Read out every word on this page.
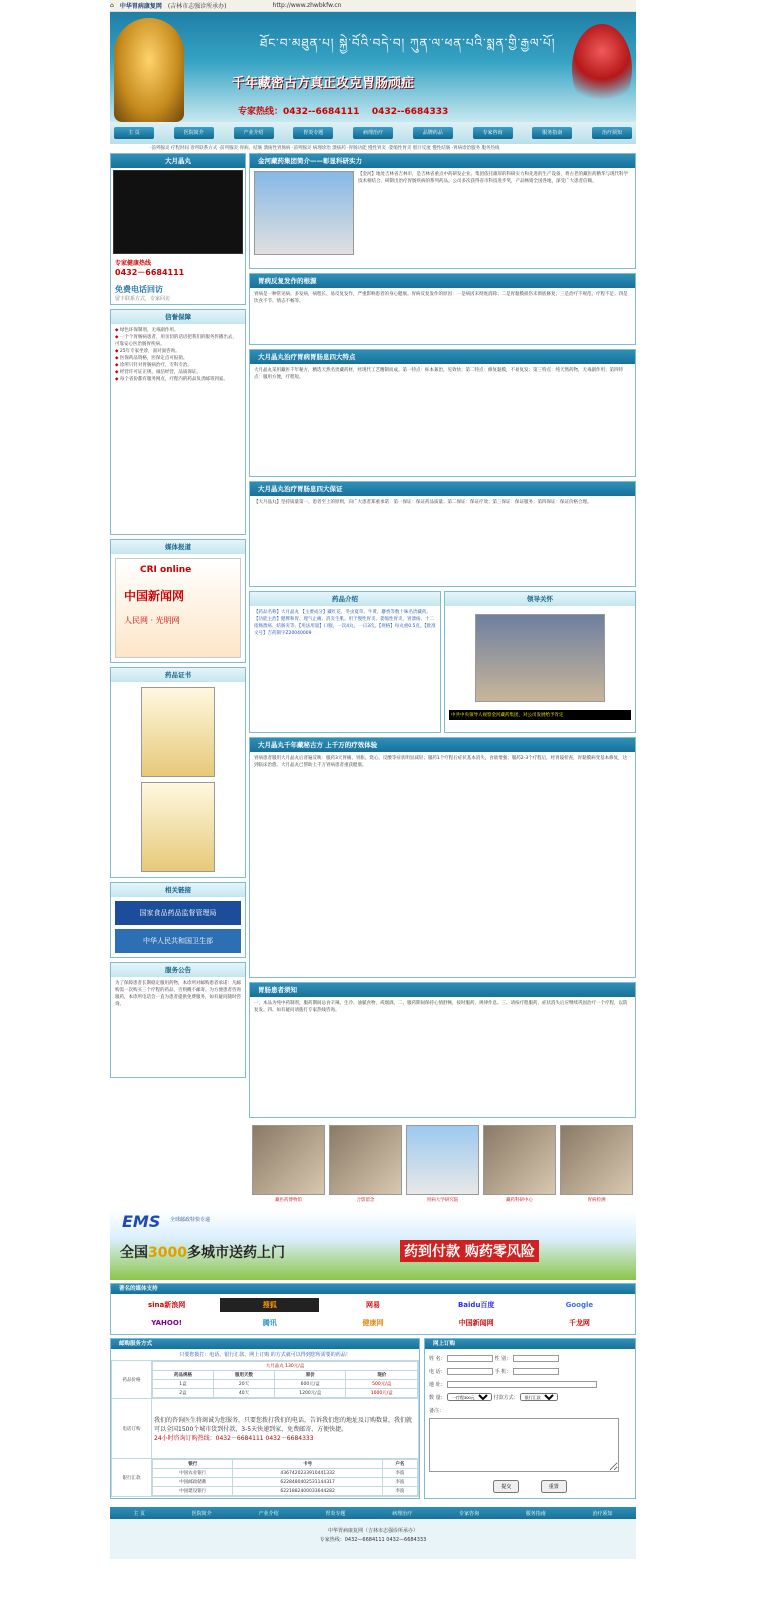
⌂ 中华胃病康复网 (吉林市志强诊所承办)	http://www.zhwbkfw.cn
ཐོང་བ་མཐུན་པ། སྐྱེ་བོའི་བདེ་བ། ཀུན་ལ་ཕན་པའི་སྨན་གྱི་རྒྱལ་པོ།
千年藏密古方真正攻克胃肠顽症
专家热线：0432--6684111 0432--6684333
主 页	医院简介	产业介绍	胃炎专题	病理治疗	品牌药品	专家咨询	服务指南	治疗须知
·前列腺炎 疗程时间 诊所联系方式 ·前列腺炎 胃病、结肠 溃疡性胃肠病 ·前列腺炎 病理诊治 溃疡药 ·胃肠功能 慢性胃炎 ·萎缩性胃炎 胆汁反流 慢性结肠 ·胃病诊治服务 服务热线
大月晶丸
专家健康热线
0432－6684111
免费电话回访
留下联系方式，专家回访
信誉保障

◆ 绿色环保制剂，无毒副作用。

◆ 一个个胃肠病患者，用亲切的话语把我们的服务传播出去，可靠安心医治肠胃疾病。

◆ 25年专家坐诊，面对面咨询。

◆ 医保药品资格，医保定点可报销。

◆ 诊所只针对胃肠病治疗，专科专治。

◆ 经营许可证正规，诚信经营，品质保证。

◆ 每个省份都有服务网点，疗程内的药品负责邮寄到家。

媒体报道
CRI online
中国新闻网
人民网 · 光明网
药品证书
相关链接
国家食品药品监督管理局
中华人民共和国卫生部
服务公告
为了保障患者长期稳定服用药物，本诊所对邮购患者承诺：凡邮购需一次购买三个疗程的药品，否则概不邮寄。为方便患者咨询服药，本诊所电话会一直为患者提供免费服务，如有疑问随时咨询。
金河藏药集团简介——彰显科研实力
【金河】地处吉林省吉林市，是吉林省重点中药研发企业。集团依托雄厚的科研实力和先进的生产设备，将古老的藏医药精华与现代科学技术相结合，研制出治疗胃肠疾病的系列药品。公司多次获得省市科技进步奖，产品畅销全国各地，深受广大患者信赖。
胃病反复发作的根源
胃病是一种常见病、多发病，病程长、易反复发作，严重影响患者的身心健康。胃病反复发作的原因：一是病因未彻底消除；二是胃黏膜损伤未彻底修复；三是治疗不规范、疗程不足；四是饮食不节、情志不畅等。
大月晶丸治疗胃病胃肠息四大特点
大月晶丸采用藏医千年秘方，精选天然名贵藏药材，经现代工艺精制而成。第一特点：标本兼治，见效快；第二特点：修复黏膜，不易复发；第三特点：纯天然药物，无毒副作用；第四特点：服用方便，疗程短。
大月晶丸治疗胃肠息四大保证
【大月晶丸】坚持质量第一、患者至上的原则，向广大患者郑重承诺：第一保证：保证药品质量；第二保证：保证疗效；第三保证：保证服务；第四保证：保证价格合理。
药品介绍
【药品名称】大月晶丸 【主要成分】藏红花、冬虫夏草、牛黄、麝香等数十味名贵藏药。【功能主治】健脾和胃、理气止痛、消炎生肌。用于慢性胃炎、萎缩性胃炎、胃溃疡、十二指肠溃疡、结肠炎等。【用法用量】口服，一次4丸，一日3次。【规格】每丸重0.5克。【批准文号】吉药制字Z20040009
领导关怀
中共中央领导人视察金河藏药集团，对公司发展给予肯定
大月晶丸千年藏秘古方 上千万的疗效体验
胃病患者服用大月晶丸后普遍反映：服药3天胃痛、胃胀、烧心、反酸等症状明显减轻；服药1个疗程后症状基本消失，食欲增强；服药2-3个疗程后，经胃镜检查，胃黏膜病变基本修复，达到临床治愈。大月晶丸已帮助上千万胃病患者重获健康。
胃肠患者须知
一、本品为纯中药制剂，服药期间忌食辛辣、生冷、油腻食物，戒烟酒。二、服药期间保持心情舒畅，按时服药，规律作息。三、请按疗程服药，症状消失后应继续巩固治疗一个疗程，以防复发。四、如有疑问请拨打专家热线咨询。
藏医药博物馆	合影留念	胃病大学研究院	藏药科研中心	胃病检测
EMS 全球邮政特快专递
全国3000多城市送药上门	药到付款 购药零风险
著名的媒体支持
sina新浪网	搜狐	网易	Baidu百度	Google
YAHOO!	腾讯	健康网	中国新闻网	千龙网
邮购服务方式
只要您拨打：电话、银行汇款、网上订购 的方式就可以得到您所需要的药品！
药品价格	
大月晶丸 130元/盒
药品规格	服用天数	原价	现价
1盒	20天	600元/盒	500元/盒
2盒	40天	1200元/盒	1000元/盒

电话订购	我们的咨询医生将竭诚为您服务，只要您拨打我们的电话，告诉我们您的地址及订购数量，我们就可以全国1500个城市货到付款，3-5天快递到家，免费邮寄，方便快捷。
24小时咨询订购热线：0432－6684111 0432－6684333
银行汇款	
银行	卡号	户名
中国农业银行	4367420233910441332	李波
中国邮政储蓄	6228480402531144317	李波
中国建设银行	6221882400033644282	李波
网上订购
姓 名：	性 别：
电 话：	手 机：
地 址：
数 量：
一疗程300元	付款方式：
银行汇款
备注：
提交	重置
主 页	医院简介	产业介绍	胃炎专题	病理治疗	专家咨询	服务指南	治疗须知
中华胃病康复网（吉林市志强诊所承办）
专家热线：0432—6684111 0432—6684333
